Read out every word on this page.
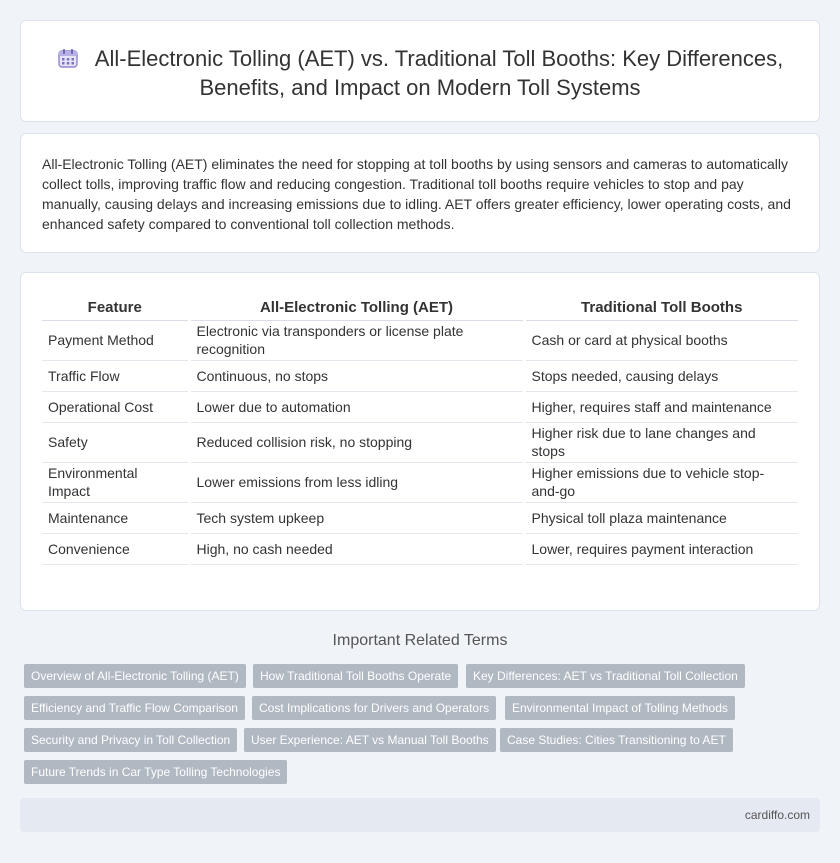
All-Electronic Tolling (AET) vs. Traditional Toll Booths: Key Differences, Benefits, and Impact on Modern Toll Systems

All-Electronic Tolling (AET) eliminates the need for stopping at toll booths by using sensors and cameras to automatically collect tolls, improving traffic flow and reducing congestion. Traditional toll booths require vehicles to stop and pay manually, causing delays and increasing emissions due to idling. AET offers greater efficiency, lower operating costs, and enhanced safety compared to conventional toll collection methods.

Feature	All-Electronic Tolling (AET)	Traditional Toll Booths
Payment Method	Electronic via transponders or license plate recognition	Cash or card at physical booths
Traffic Flow	Continuous, no stops	Stops needed, causing delays
Operational Cost	Lower due to automation	Higher, requires staff and maintenance
Safety	Reduced collision risk, no stopping	Higher risk due to lane changes and stops
Environmental Impact	Lower emissions from less idling	Higher emissions due to vehicle stop-and-go
Maintenance	Tech system upkeep	Physical toll plaza maintenance
Convenience	High, no cash needed	Lower, requires payment interaction
Important Related Terms
Overview of All-Electronic Tolling (AET)	How Traditional Toll Booths Operate	Key Differences: AET vs Traditional Toll Collection
Efficiency and Traffic Flow Comparison	Cost Implications for Drivers and Operators	Environmental Impact of Tolling Methods
Security and Privacy in Toll Collection	User Experience: AET vs Manual Toll Booths	Case Studies: Cities Transitioning to AET
Future Trends in Car Type Tolling Technologies
cardiffo.com
